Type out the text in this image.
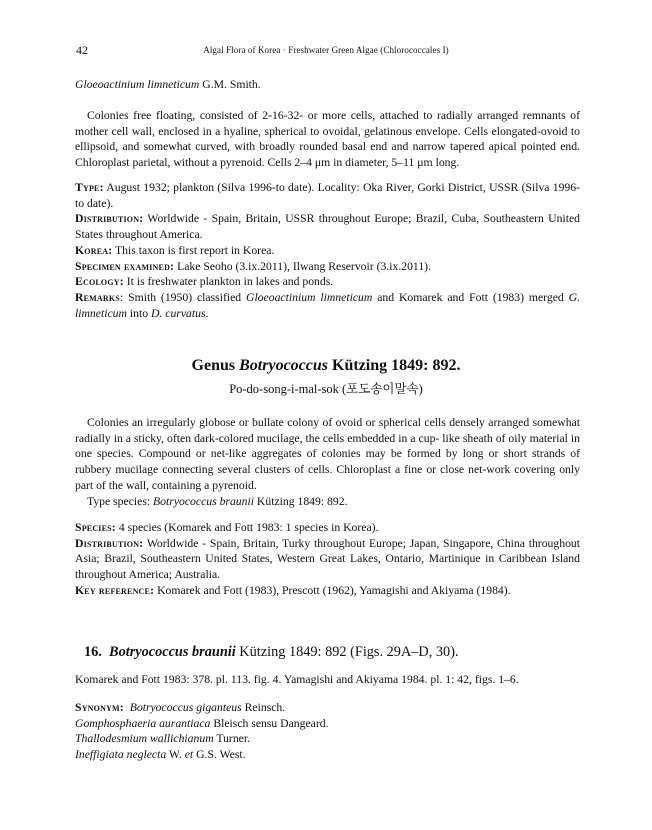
42	Algal Flora of Korea · Freshwater Green Algae (Chlorococcales I)
Gloeoactinium limneticum G.M. Smith.

Colonies free floating, consisted of 2-16-32- or more cells, attached to radially arranged remnants of mother cell wall, enclosed in a hyaline, spherical to ovoidal, gelatinous envelope. Cells elongated-ovoid to ellipsoid, and somewhat curved, with broadly rounded basal end and narrow tapered apical pointed end. Chloroplast parietal, without a pyrenoid. Cells 2–4 μm in diameter, 5–11 μm long.

Type: August 1932; plankton (Silva 1996-to date). Locality: Oka River, Gorki District, USSR (Silva 1996-to date).

Distribution: Worldwide - Spain, Britain, USSR throughout Europe; Brazil, Cuba, Southeastern United States throughout America.

Korea: This taxon is first report in Korea.

Specimen examined: Lake Seoho (3.ix.2011), Ilwang Reservoir (3.ix.2011).

Ecology: It is freshwater plankton in lakes and ponds.

Remarks: Smith (1950) classified Gloeoactinium limneticum and Komarek and Fott (1983) merged G. limneticum into D. curvatus.

Genus Botryococcus Kützing 1849: 892.
Po-do-song-i-mal-sok (포도송이말속)

Colonies an irregularly globose or bullate colony of ovoid or spherical cells densely arranged somewhat radially in a sticky, often dark-colored mucilage, the cells embedded in a cup- like sheath of oily material in one species. Compound or net-like aggregates of colonies may be formed by long or short strands of rubbery mucilage connecting several clusters of cells. Chloroplast a fine or close net-work covering only part of the wall, containing a pyrenoid.

Type species: Botryococcus braunii Kützing 1849: 892.

Species: 4 species (Komarek and Fott 1983: 1 species in Korea).

Distribution: Worldwide - Spain, Britain, Turky throughout Europe; Japan, Singapore, China throughout Asia; Brazil, Southeastern United States, Western Great Lakes, Ontario, Martinique in Caribbean Island throughout America; Australia.

Key reference: Komarek and Fott (1983), Prescott (1962), Yamagishi and Akiyama (1984).

16. Botryococcus braunii Kützing 1849: 892 (Figs. 29A–D, 30).
Komarek and Fott 1983: 378. pl. 113. fig. 4. Yamagishi and Akiyama 1984. pl. 1: 42, figs. 1–6.
Synonym: Botryococcus giganteus Reinsch.
Gomphosphaeria aurantiaca Bleisch sensu Dangeard.
Thallodesmium wallichianum Turner.
Ineffigiata neglecta W. et G.S. West.
